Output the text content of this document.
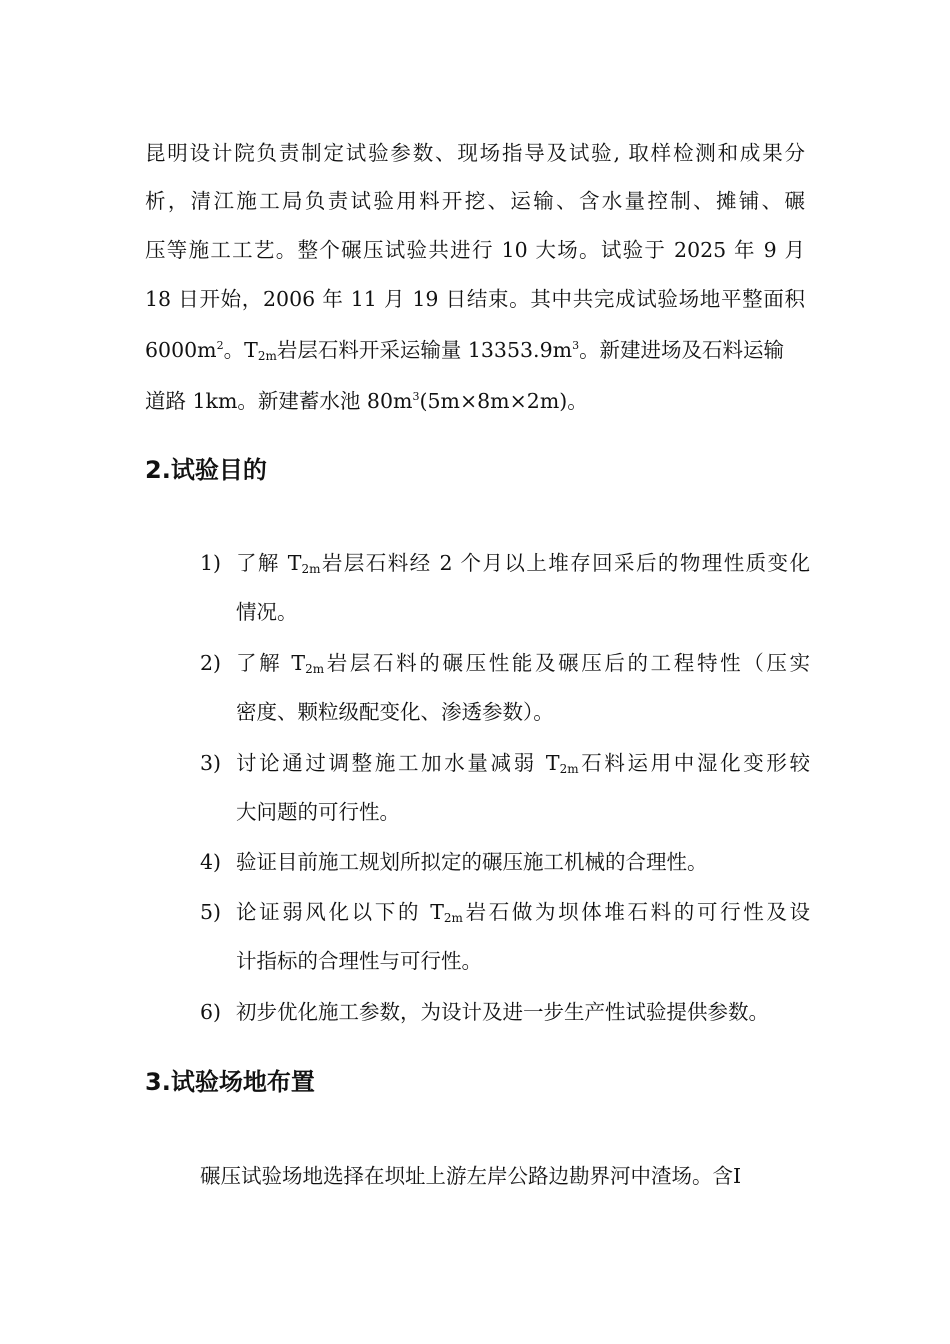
昆明设计院负责制定试验参数、现场指导及试验, 取样检测和成果分
析，清江施工局负责试验用料开挖、运输、含水量控制、摊铺、碾
压等施工工艺。整个碾压试验共进行 10 大场。试验于 2025 年 9 月
18 日开始，2006 年 11 月 19 日结束。其中共完成试验场地平整面积
$6000m^2$。$T_{2m}$岩层石料开采运输量 $13353.9m^3$。新建进场及石料运输
道路 1km。新建蓄水池 $80m^3(5m\times 8m\times 2m)$。
2.试验目的
1) 了解 $T_{2m}$岩层石料经 2 个月以上堆存回采后的物理性质变化
情况。
2) 了解 $T_{2m}$岩层石料的碾压性能及碾压后的工程特性（压实
密度、颗粒级配变化、渗透参数）。
3) 讨论通过调整施工加水量减弱 $T_{2m}$石料运用中湿化变形较
大问题的可行性。
4) 验证目前施工规划所拟定的碾压施工机械的合理性。
5) 论证弱风化以下的 $T_{2m}$岩石做为坝体堆石料的可行性及设
计指标的合理性与可行性。
6) 初步优化施工参数，为设计及进一步生产性试验提供参数。
3.试验场地布置
碾压试验场地选择在坝址上游左岸公路边勘界河中渣场。含Ⅰ
